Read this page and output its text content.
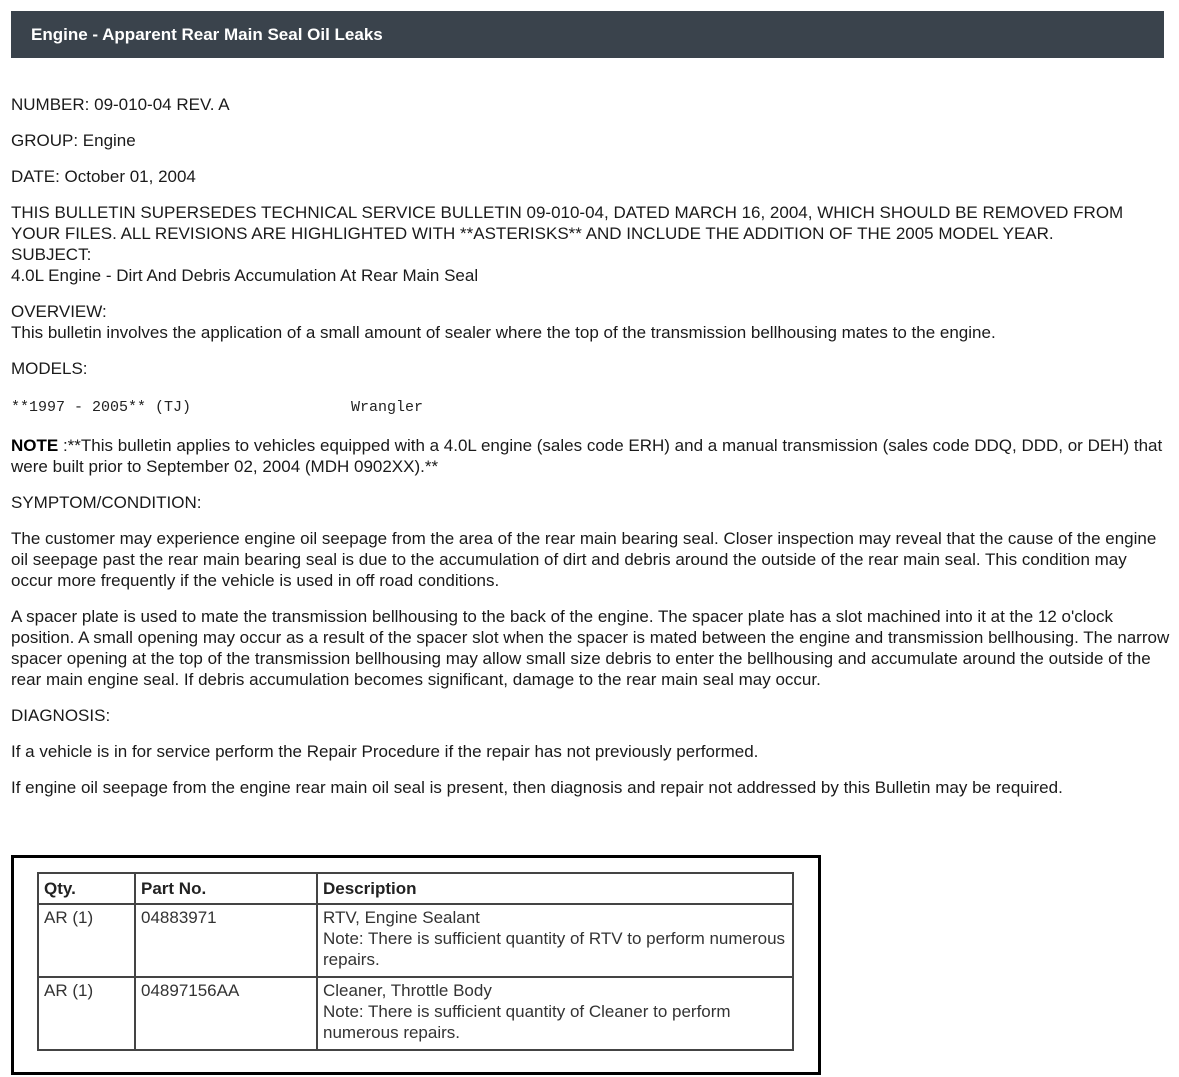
Engine - Apparent Rear Main Seal Oil Leaks

NUMBER: 09-010-04 REV. A

GROUP: Engine

DATE: October 01, 2004

THIS BULLETIN SUPERSEDES TECHNICAL SERVICE BULLETIN 09-010-04, DATED MARCH 16, 2004, WHICH SHOULD BE REMOVED FROM YOUR FILES. ALL REVISIONS ARE HIGHLIGHTED WITH **ASTERISKS** AND INCLUDE THE ADDITION OF THE 2005 MODEL YEAR.

SUBJECT:

4.0L Engine - Dirt And Debris Accumulation At Rear Main Seal

OVERVIEW:

This bulletin involves the application of a small amount of sealer where the top of the transmission bellhousing mates to the engine.

MODELS:

**1997 - 2005** (TJ)	Wrangler

NOTE :**This bulletin applies to vehicles equipped with a 4.0L engine (sales code ERH) and a manual transmission (sales code DDQ, DDD, or DEH) that were built prior to September 02, 2004 (MDH 0902XX).**

SYMPTOM/CONDITION:

The customer may experience engine oil seepage from the area of the rear main bearing seal. Closer inspection may reveal that the cause of the engine oil seepage past the rear main bearing seal is due to the accumulation of dirt and debris around the outside of the rear main seal. This condition may occur more frequently if the vehicle is used in off road conditions.

A spacer plate is used to mate the transmission bellhousing to the back of the engine. The spacer plate has a slot machined into it at the 12 o'clock position. A small opening may occur as a result of the spacer slot when the spacer is mated between the engine and transmission bellhousing. The narrow spacer opening at the top of the transmission bellhousing may allow small size debris to enter the bellhousing and accumulate around the outside of the rear main engine seal. If debris accumulation becomes significant, damage to the rear main seal may occur.

DIAGNOSIS:

If a vehicle is in for service perform the Repair Procedure if the repair has not previously performed.

If engine oil seepage from the engine rear main oil seal is present, then diagnosis and repair not addressed by this Bulletin may be required.

Qty.	Part No.	Description
AR (1)	04883971	RTV, Engine Sealant
Note: There is sufficient quantity of RTV to perform numerous repairs.

AR (1)	04897156AA	Cleaner, Throttle Body
Note: There is sufficient quantity of Cleaner to perform numerous repairs.
